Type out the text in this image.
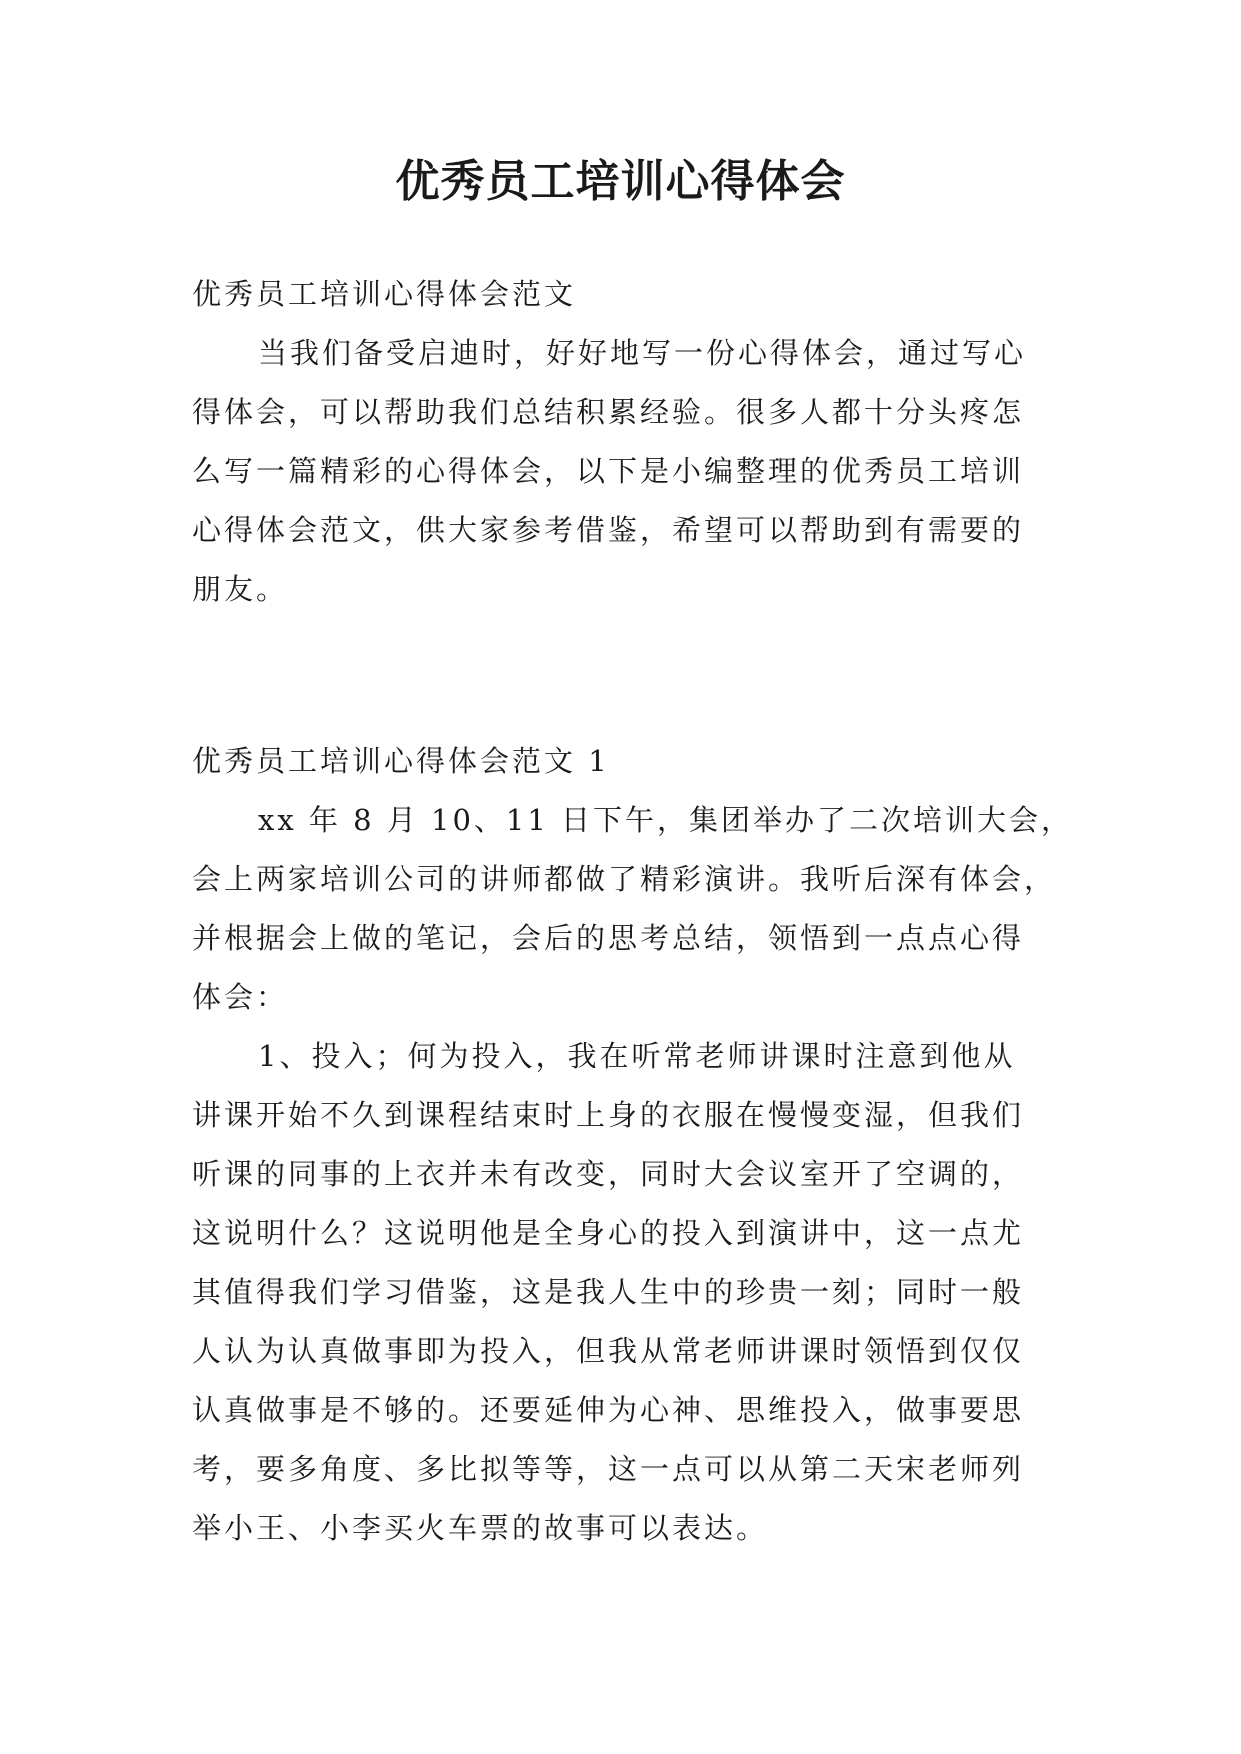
优秀员工培训心得体会
优秀员工培训心得体会范文
当我们备受启迪时，好好地写一份心得体会，通过写心
得体会，可以帮助我们总结积累经验。很多人都十分头疼怎
么写一篇精彩的心得体会，以下是小编整理的优秀员工培训
心得体会范文，供大家参考借鉴，希望可以帮助到有需要的
朋友。
优秀员工培训心得体会范文 1
xx 年 8 月 10、11 日下午，集团举办了二次培训大会，
会上两家培训公司的讲师都做了精彩演讲。我听后深有体会，
并根据会上做的笔记，会后的思考总结，领悟到一点点心得
体会：
1、投入；何为投入，我在听常老师讲课时注意到他从
讲课开始不久到课程结束时上身的衣服在慢慢变湿，但我们
听课的同事的上衣并未有改变，同时大会议室开了空调的，
这说明什么？这说明他是全身心的投入到演讲中，这一点尤
其值得我们学习借鉴，这是我人生中的珍贵一刻；同时一般
人认为认真做事即为投入，但我从常老师讲课时领悟到仅仅
认真做事是不够的。还要延伸为心神、思维投入，做事要思
考，要多角度、多比拟等等，这一点可以从第二天宋老师列
举小王、小李买火车票的故事可以表达。
